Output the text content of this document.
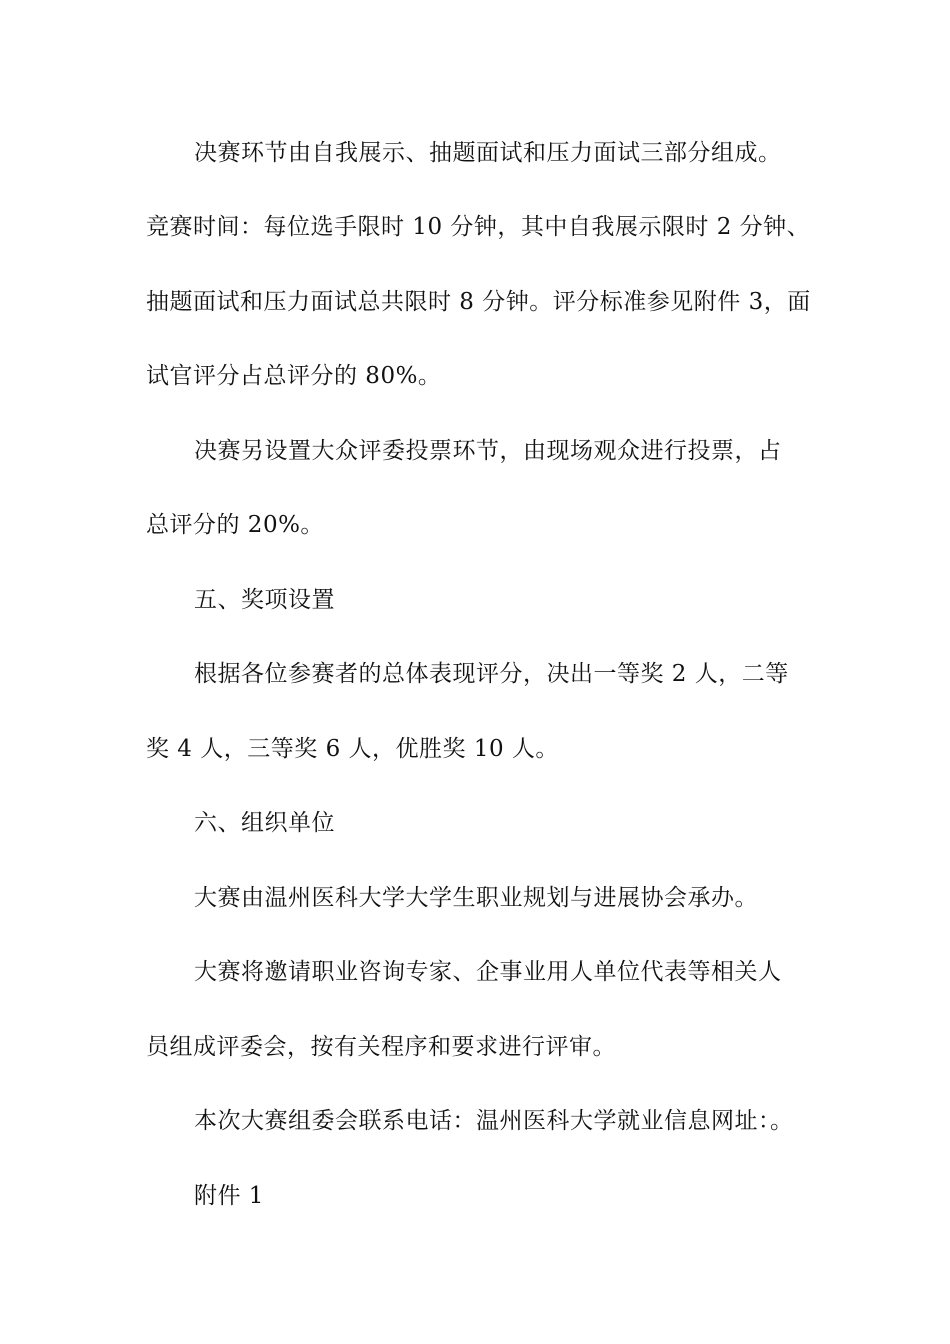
决赛环节由自我展示、抽题面试和压力面试三部分组成。
竞赛时间：每位选手限时 10 分钟，其中自我展示限时 2 分钟、
抽题面试和压力面试总共限时 8 分钟。评分标准参见附件 3，面
试官评分占总评分的 80%。
决赛另设置大众评委投票环节，由现场观众进行投票，占
总评分的 20%。
五、奖项设置
根据各位参赛者的总体表现评分，决出一等奖 2 人，二等
奖 4 人，三等奖 6 人，优胜奖 10 人。
六、组织单位
大赛由温州医科大学大学生职业规划与进展协会承办。
大赛将邀请职业咨询专家、企事业用人单位代表等相关人
员组成评委会，按有关程序和要求进行评审。
本次大赛组委会联系电话：温州医科大学就业信息网址：。
附件 1
